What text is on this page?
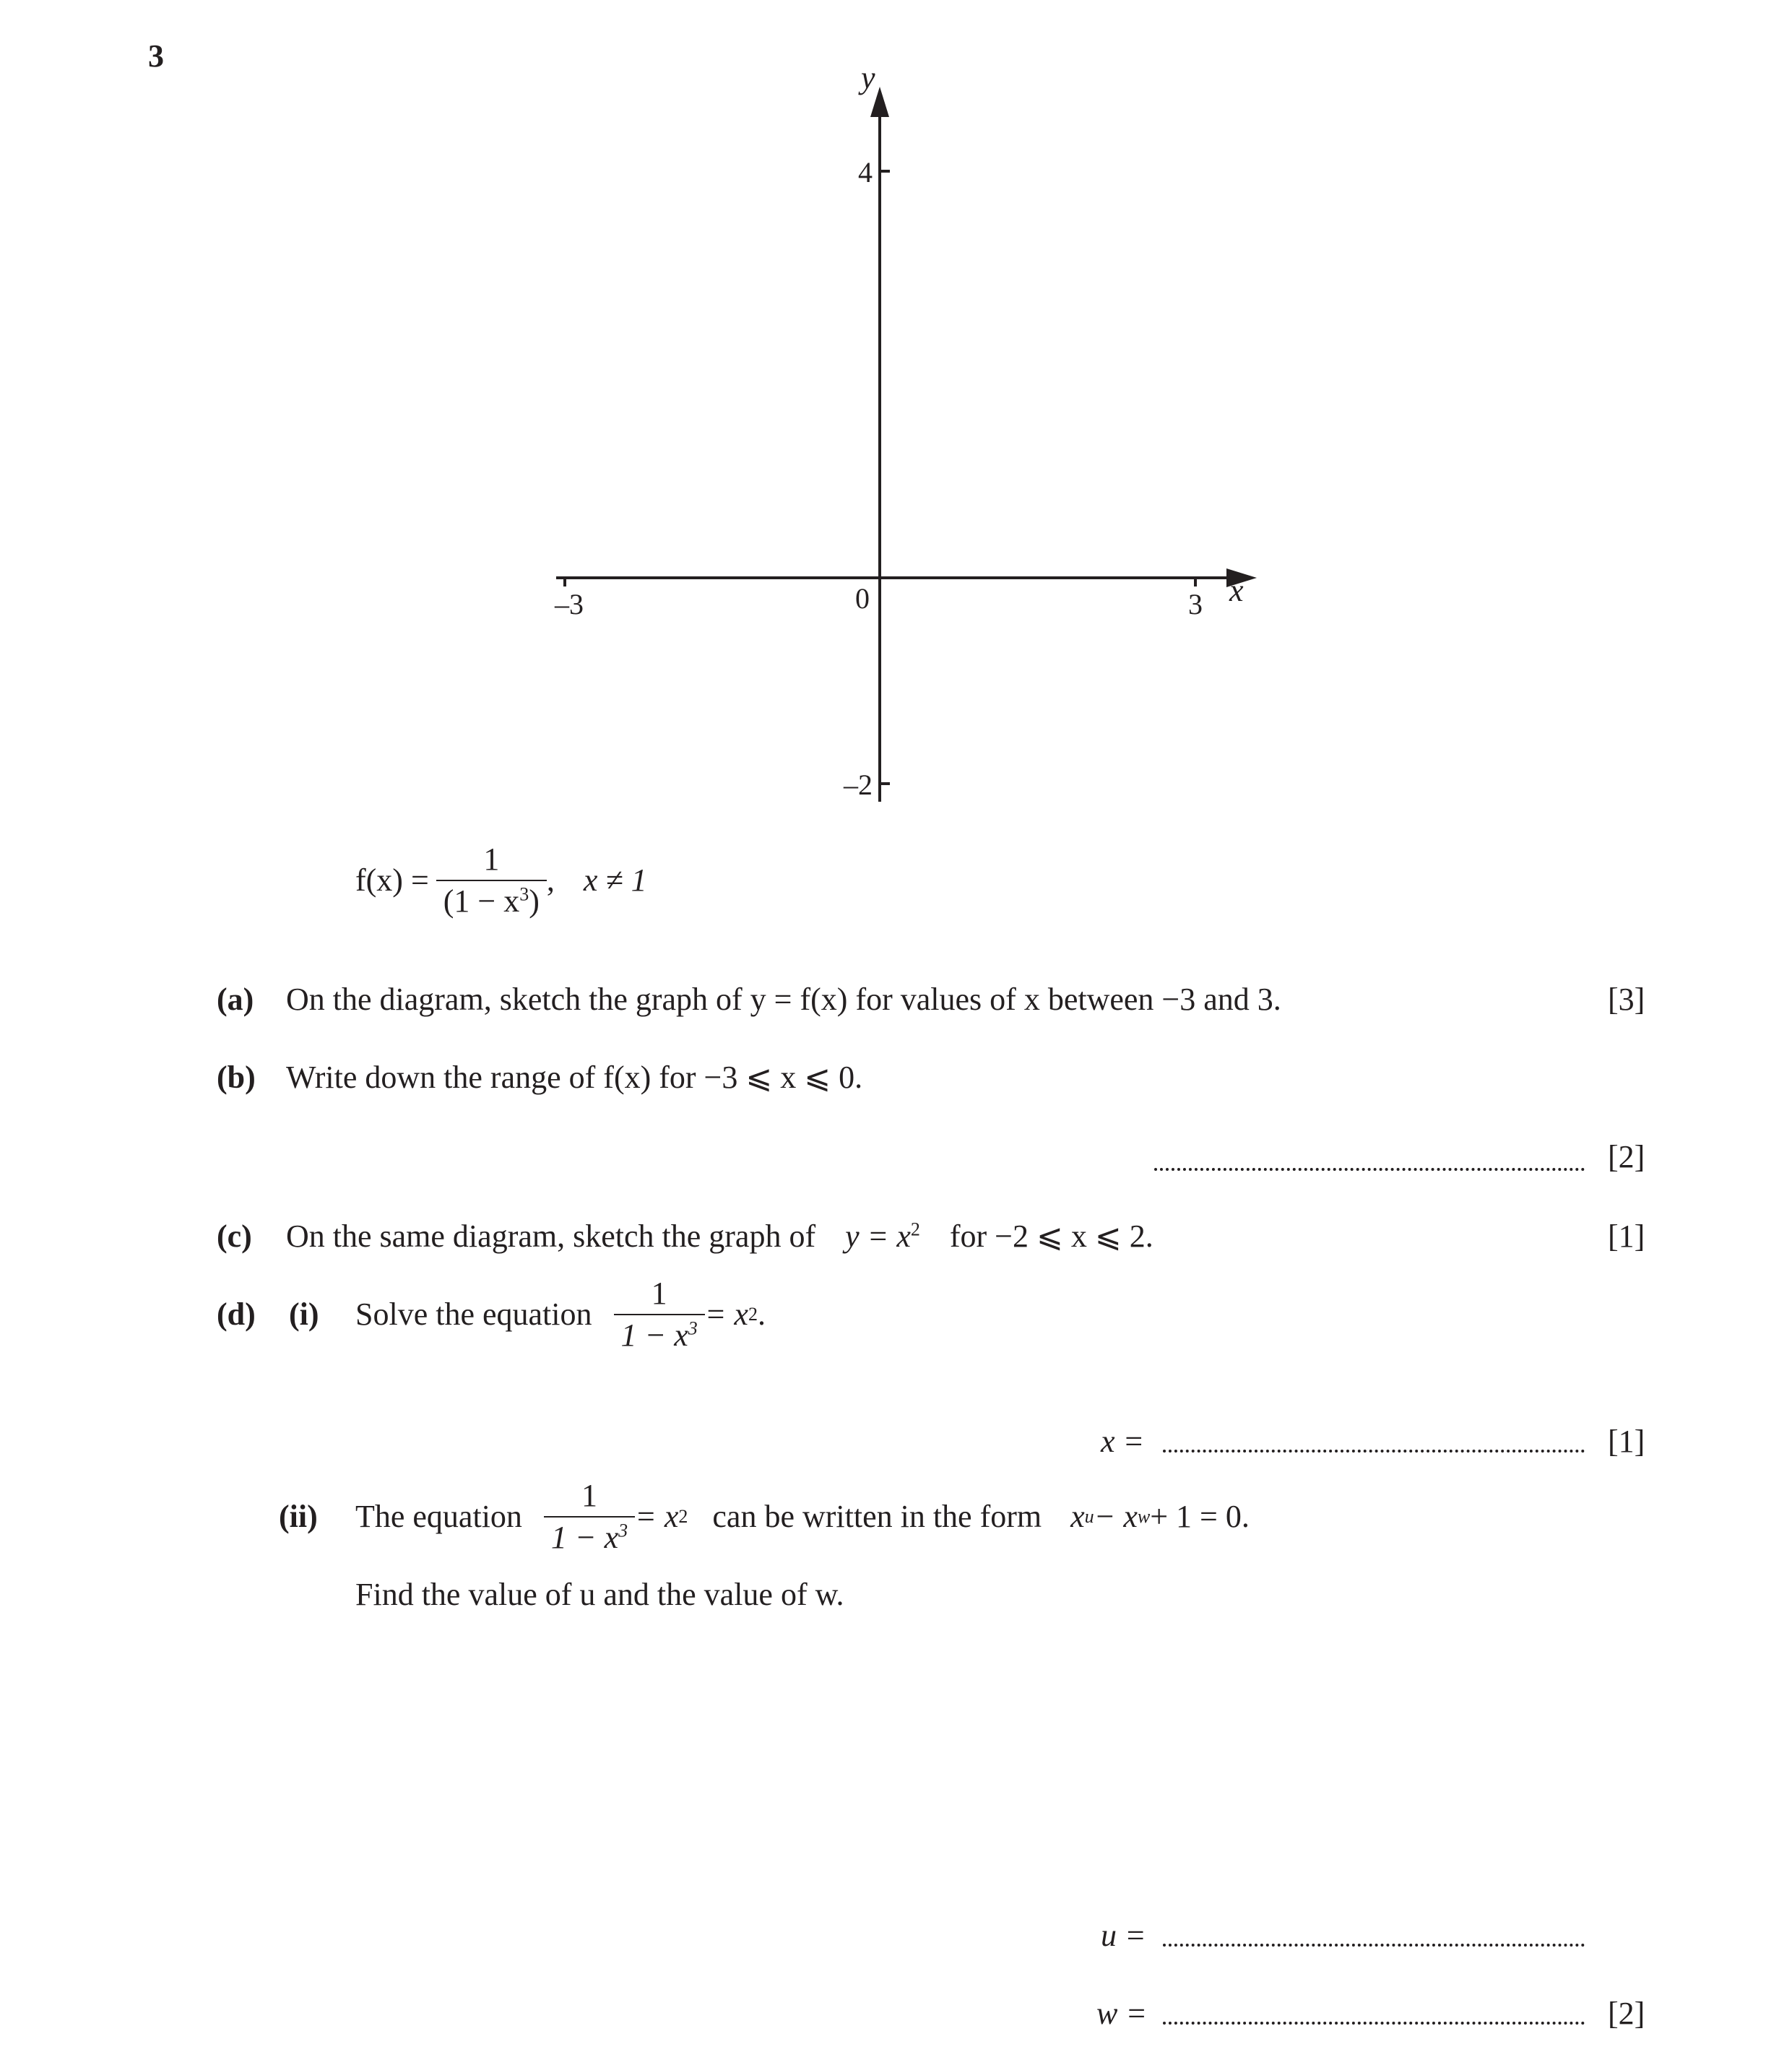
3
y
x
4
–2
–3	3
0
$f(x) = \frac{1}{(1 - x^3)}$ , x ≠ 1
(a) On the diagram, sketch the graph of y = f(x) for values of x between −3 and 3.	[3]
(b) Write down the range of f(x) for −3 ⩽ x ⩽ 0.
[2]
(c) On the same diagram, sketch the graph of $y = x^2$ for −2 ⩽ x ⩽ 2.	[1]
(d) (i) Solve the equation $\frac{1}{1 - x^3} = x$ 2 .
x =	[1]
(ii) The equation $\frac{1}{1 - x^3} = x$ 2 can be written in the form x u − x w + 1 = 0.
Find the value of u and the value of w.
u =
w =	[2]
